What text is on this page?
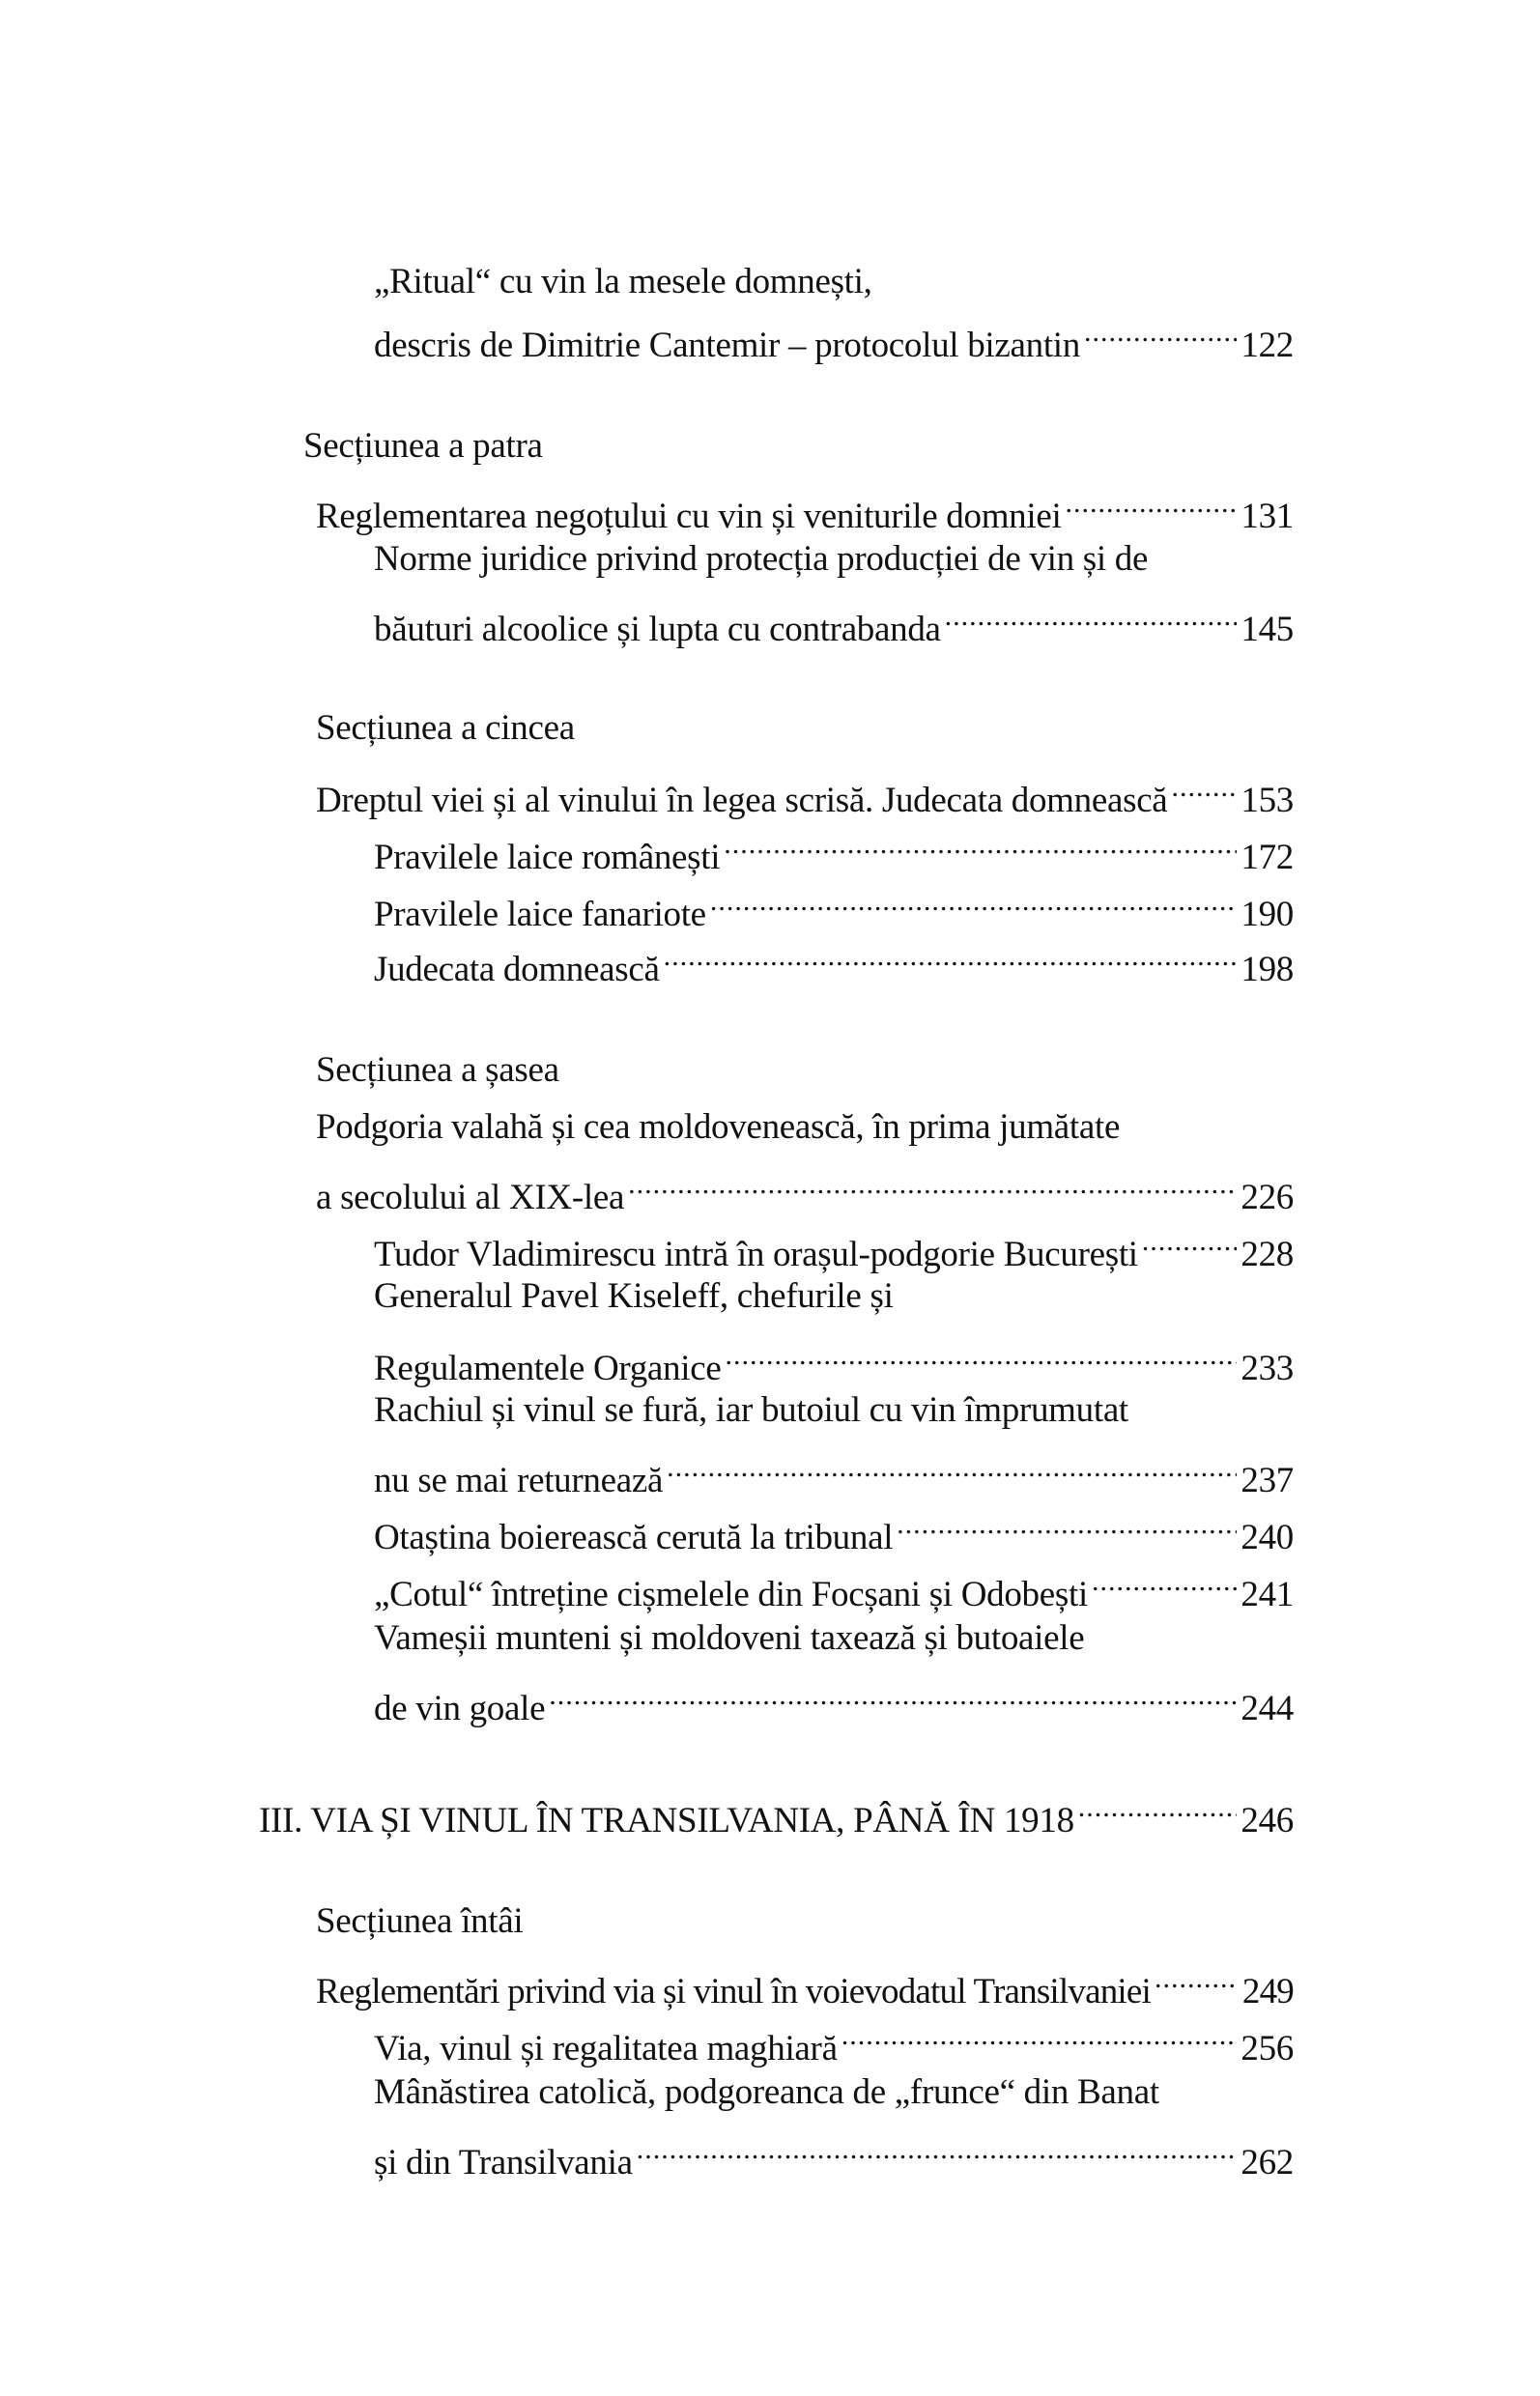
„Ritual“ cu vin la mesele domnești,
descris de Dimitrie Cantemir – protocolul bizantin .....	122
Secțiunea a patra
Reglementarea negoțului cu vin și veniturile domniei .....	131
Norme juridice privind protecția producției de vin și de
băuturi alcoolice și lupta cu contrabanda .....	145
Secțiunea a cincea
Dreptul viei și al vinului în legea scrisă. Judecata domnească ..... 153
Pravilele laice românești .....	172
Pravilele laice fanariote .....	190
Judecata domnească .....	198
Secțiunea a șasea
Podgoria valahă și cea moldovenească, în prima jumătate
a secolului al XIX-lea .....	226
Tudor Vladimirescu intră în orașul-podgorie București .....	228
Generalul Pavel Kiseleff, chefurile și
Regulamentele Organice .....	233
Rachiul și vinul se fură, iar butoiul cu vin împrumutat
nu se mai returnează .....	237
Otaștina boierească cerută la tribunal .....	240
„Cotul“ întreține cișmelele din Focșani și Odobești .....	241
Vameșii munteni și moldoveni taxează și butoaiele
de vin goale .....	244
III. VIA ȘI VINUL ÎN TRANSILVANIA, PÂNĂ ÎN 1918 .....	246
Secțiunea întâi
Reglementări privind via și vinul în voievodatul Transilvaniei .....	249
Via, vinul și regalitatea maghiară .....	256
Mânăstirea catolică, podgoreanca de „frunce“ din Banat
și din Transilvania .....	262
